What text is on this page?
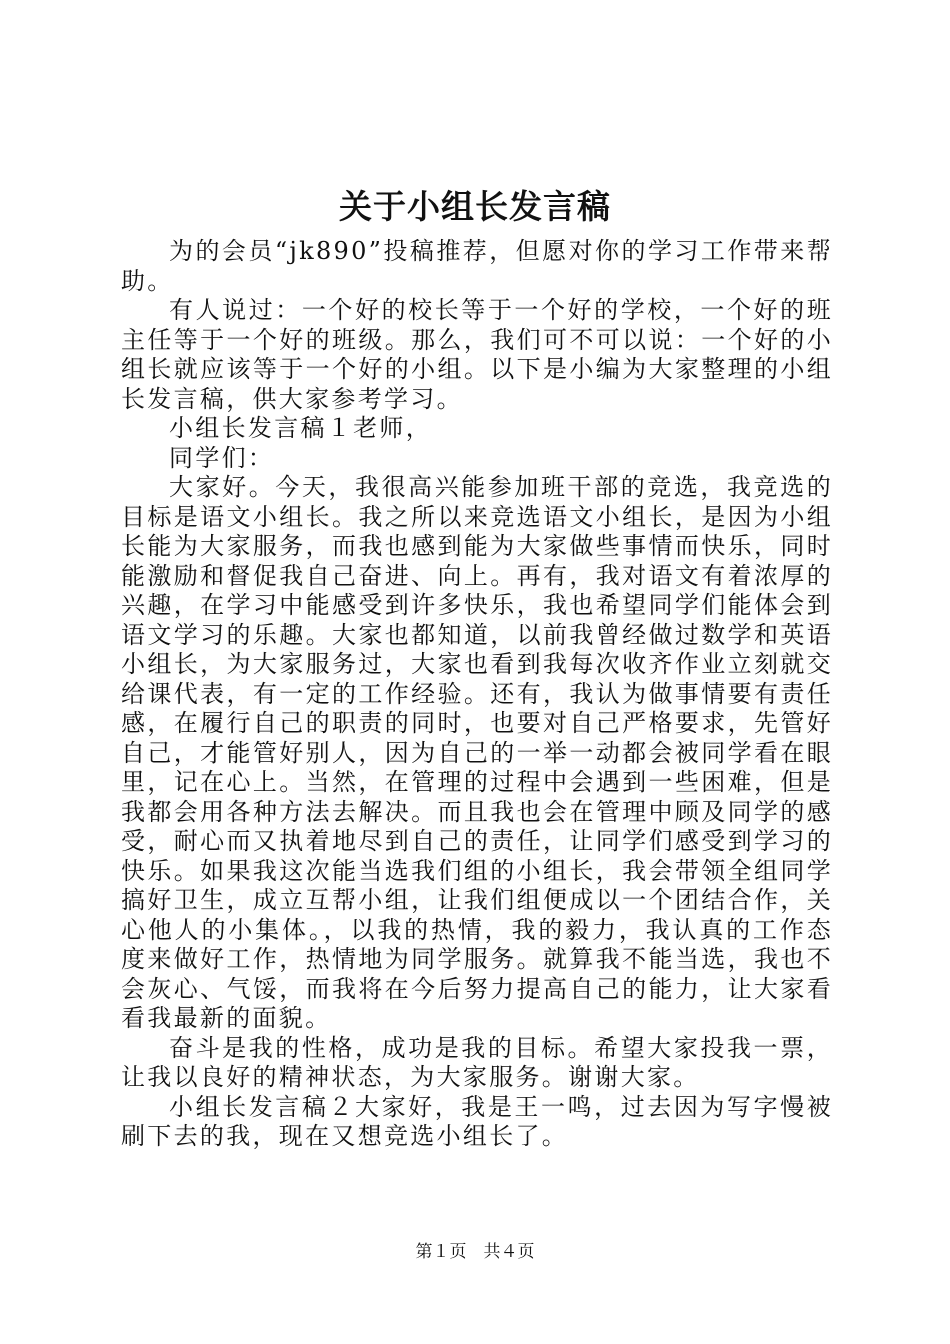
关于小组长发言稿

为的会员“jk890”投稿推荐，但愿对你的学习工作带来帮助。

有人说过：一个好的校长等于一个好的学校，一个好的班主任等于一个好的班级。那么，我们可不可以说：一个好的小组长就应该等于一个好的小组。以下是小编为大家整理的小组长发言稿，供大家参考学习。

小组长发言稿１老师，

同学们：

大家好。今天，我很高兴能参加班干部的竞选，我竞选的目标是语文小组长。我之所以来竞选语文小组长，是因为小组长能为大家服务，而我也感到能为大家做些事情而快乐，同时能激励和督促我自己奋进、向上。再有，我对语文有着浓厚的兴趣，在学习中能感受到许多快乐，我也希望同学们能体会到语文学习的乐趣。大家也都知道，以前我曾经做过数学和英语小组长，为大家服务过，大家也看到我每次收齐作业立刻就交给课代表，有一定的工作经验。还有，我认为做事情要有责任感，在履行自己的职责的同时，也要对自己严格要求，先管好自己，才能管好别人，因为自己的一举一动都会被同学看在眼里，记在心上。当然，在管理的过程中会遇到一些困难，但是我都会用各种方法去解决。而且我也会在管理中顾及同学的感受，耐心而又执着地尽到自己的责任，让同学们感受到学习的快乐。如果我这次能当选我们组的小组长，我会带领全组同学搞好卫生，成立互帮小组，让我们组便成以一个团结合作，关心他人的小集体。，以我的热情，我的毅力，我认真的工作态度来做好工作，热情地为同学服务。就算我不能当选，我也不会灰心、气馁，而我将在今后努力提高自己的能力，让大家看看我最新的面貌。

奋斗是我的性格，成功是我的目标。希望大家投我一票，让我以良好的精神状态，为大家服务。谢谢大家。

小组长发言稿２大家好，我是王一鸣，过去因为写字慢被刷下去的我，现在又想竞选小组长了。

第１页　共４页
